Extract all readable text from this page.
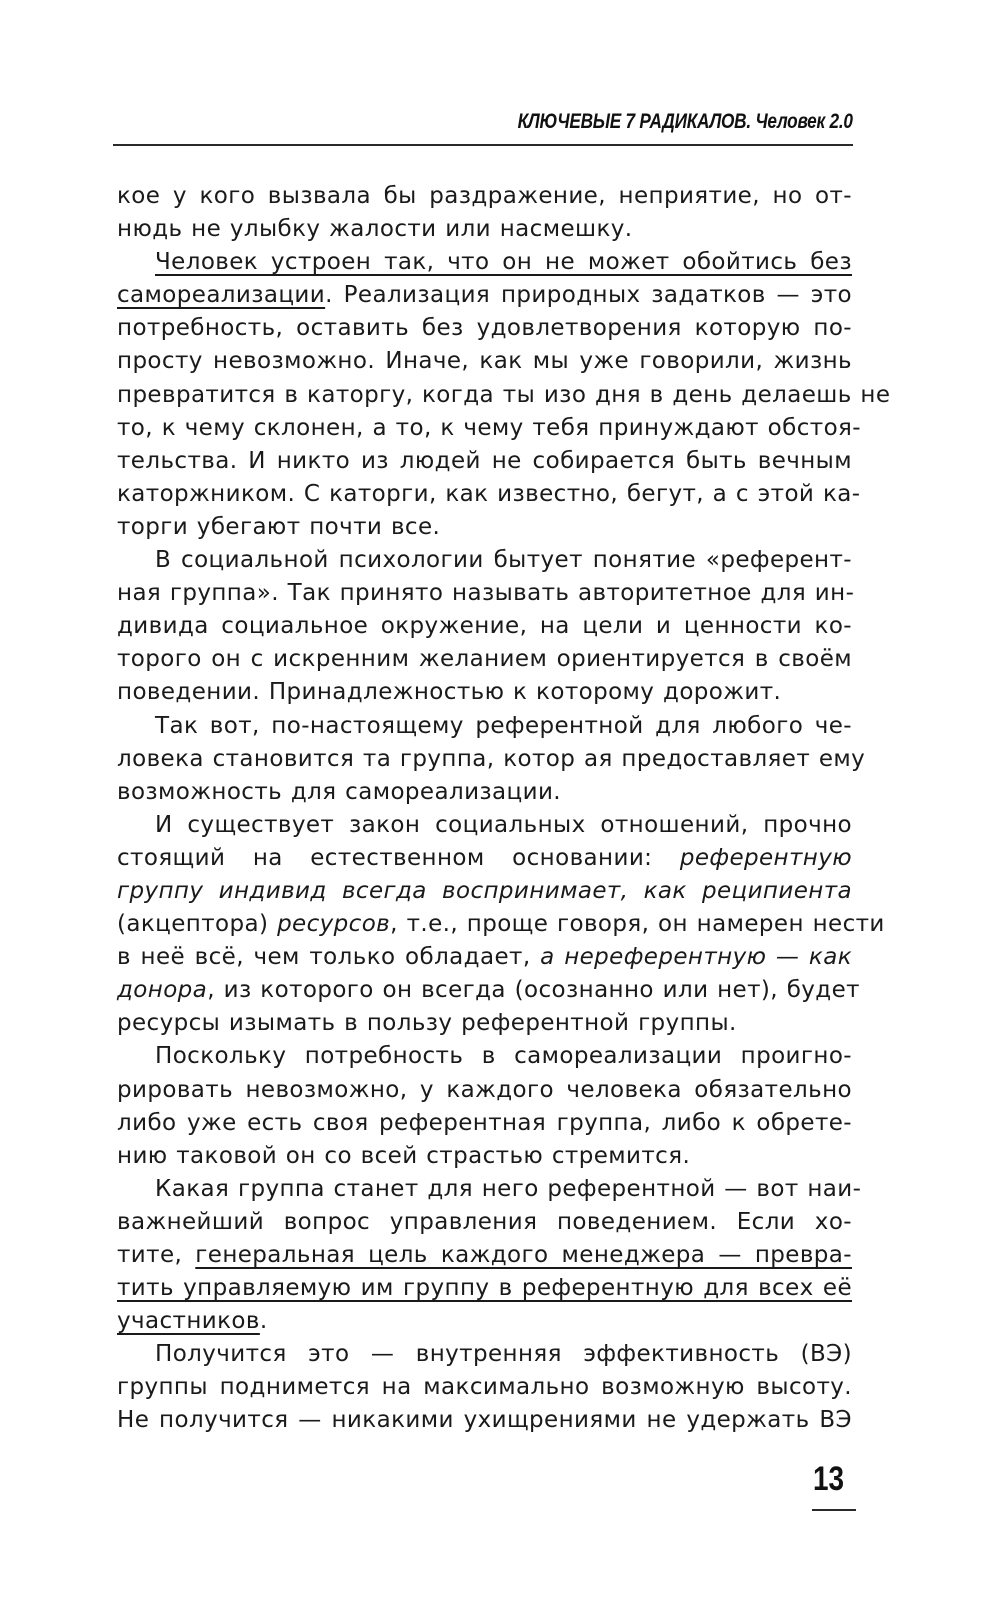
КЛЮЧЕВЫЕ 7 РАДИКАЛОВ. Человек 2.0
кое у кого вызвала бы раздражение, неприятие, но от-
нюдь не улыбку жалости или насмешку.
Человек устроен так, что он не может обойтись без
самореализации. Реализация природных задатков — это
потребность, оставить без удовлетворения которую по-
просту невозможно. Иначе, как мы уже говорили, жизнь
превратится в каторгу, когда ты изо дня в день делаешь не
то, к чему склонен, а то, к чему тебя принуждают обстоя-
тельства. И никто из людей не собирается быть вечным
каторжником. С каторги, как известно, бегут, а с этой ка-
торги убегают почти все.
В социальной психологии бытует понятие «референт-
ная группа». Так принято называть авторитетное для ин-
дивида социальное окружение, на цели и ценности ко-
торого он с искренним желанием ориентируется в своём
поведении. Принадлежностью к которому дорожит.
Так вот, по-настоящему референтной для любого че-
ловека становится та группа, котор ая предоставляет ему
возможность для самореализации.
И существует закон социальных отношений, прочно
стоящий на естественном основании: референтную
группу индивид всегда воспринимает, как реципиента
(акцептора) ресурсов, т.е., проще говоря, он намерен нести
в неё всё, чем только обладает, а нереферентную — как
донора, из которого он всегда (осознанно или нет), будет
ресурсы изымать в пользу референтной группы.
Поскольку потребность в самореализации проигно-
рировать невозможно, у каждого человека обязательно
либо уже есть своя референтная группа, либо к обрете-
нию таковой он со всей страстью стремится.
Какая группа станет для него референтной — вот наи-
важнейший вопрос управления поведением. Если хо-
тите, генеральная цель каждого менеджера — превра-
тить управляемую им группу в референтную для всех её
участников.
Получится это — внутренняя эффективность (ВЭ)
группы поднимется на максимально возможную высоту.
Не получится — никакими ухищрениями не удержать ВЭ
13
